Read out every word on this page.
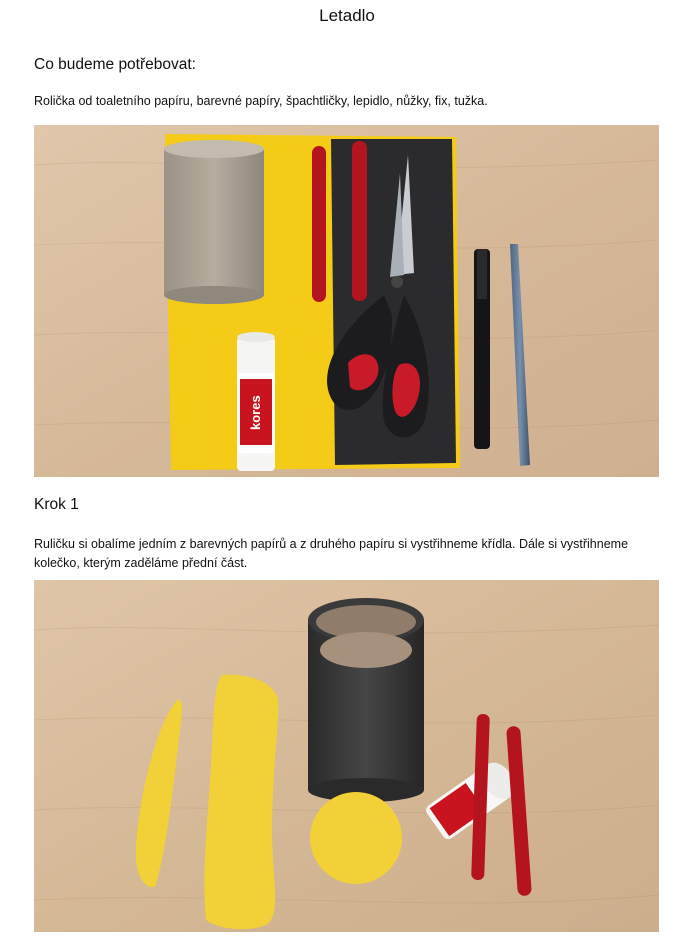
Letadlo
Co budeme potřebovat:
Rolička od toaletního papíru, barevné papíry, špachtličky, lepidlo, nůžky, fix, tužka.
kores
Krok 1
Ruličku si obalíme jedním z barevných papírů a z druhého papíru si vystřihneme křídla. Dále si vystřihneme kolečko, kterým zaděláme přední část.
